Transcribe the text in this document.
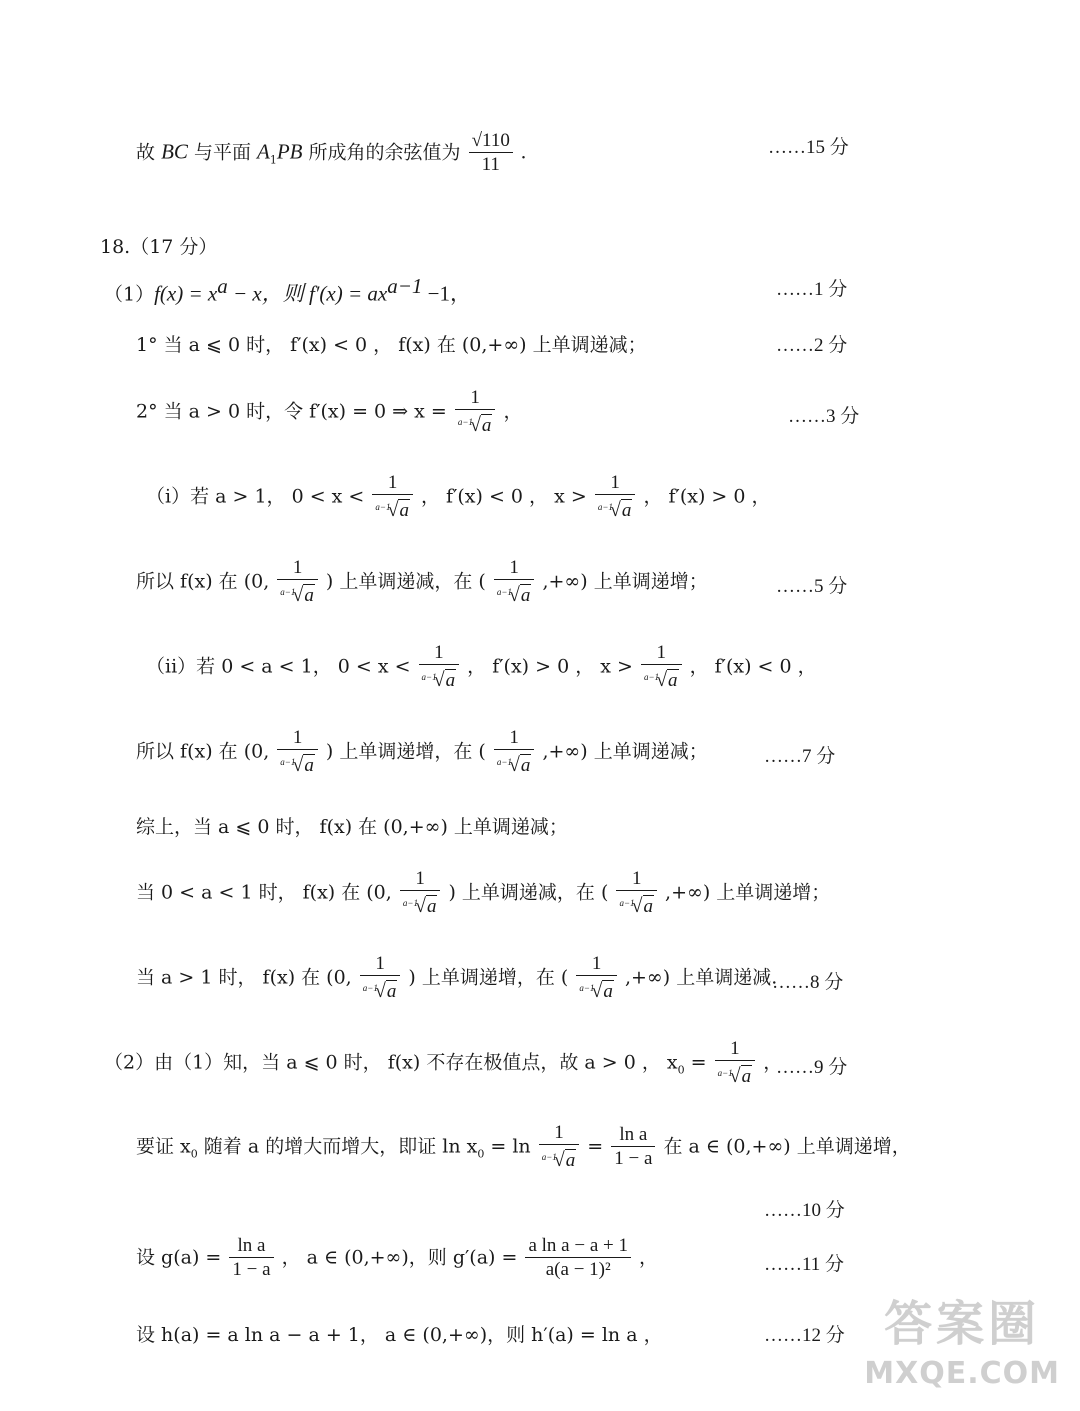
故 BC 与平面 $A_1PB$ 所成角的余弦值为 $\frac{√110}{11}$ .	……15 分
18.（17 分）
$(1)f(x) = x^a - x$，则 $f'(x) = ax^{a-1} -1$，	……1 分
1° 当 a ⩽ 0 时， f′(x) < 0 ， f(x) 在 (0,+∞) 上单调递减；	……2 分
2° 当 a > 0 时，令 f′(x) = 0 ⇒ $x = \frac{1}{^{a-1}√a}$ ，	……3 分
（i）若 a > 1， $0 < x < \frac{1}{^{a-1}√a}$ ， f′(x) < 0 ， $x > \frac{1}{^{a-1}√a}$ ， f′(x) > 0 ，
所以 f(x) 在 (0, $\frac{1}{^{a-1}√a}$ ) 上单调递减，在 ( $\frac{1}{^{a-1}√a}$ ,+∞) 上单调递增；	……5 分
（ii）若 0 < a < 1， $0 < x < \frac{1}{^{a-1}√a}$ ， f′(x) > 0 ， $x > \frac{1}{^{a-1}√a}$ ， f′(x) < 0 ，
所以 f(x) 在 (0, $\frac{1}{^{a-1}√a}$ ) 上单调递增，在 ( $\frac{1}{^{a-1}√a}$ ,+∞) 上单调递减；	……7 分
综上，当 a ⩽ 0 时， f(x) 在 (0,+∞) 上单调递减；
当 0 < a < 1 时， f(x) 在 (0, $\frac{1}{^{a-1}√a}$ ) 上单调递减，在 ( $\frac{1}{^{a-1}√a}$ ,+∞) 上单调递增；
当 a > 1 时， f(x) 在 (0, $\frac{1}{^{a-1}√a}$ ) 上单调递增，在 ( $\frac{1}{^{a-1}√a}$ ,+∞) 上单调递减.
……8 分
（2）由（1）知，当 a ⩽ 0 时， f(x) 不存在极值点，故 a > 0 ， $x_0 = \frac{1}{^{a-1}√a}$ ，
……9 分
要证 $x_0$ 随着 a 的增大而增大，即证 $\ln x_0 = \ln \frac{1}{^{a-1}√a} = \frac{\text{ln a}}{1 - a}$ 在 a ∈ (0,+∞) 上单调递增，
……10 分
设 $g(a) = \frac{\text{ln a}}{1 - a}$ ， a ∈ (0,+∞)，则 $g'(a) = \frac{\text{a ln a − a + 1}}{\text{a(a − 1)²}}$ ，	……11 分
设 h(a) = a ln a − a + 1， a ∈ (0,+∞)，则 h′(a) = ln a ，	……12 分 答案圈
MXQE.COM
